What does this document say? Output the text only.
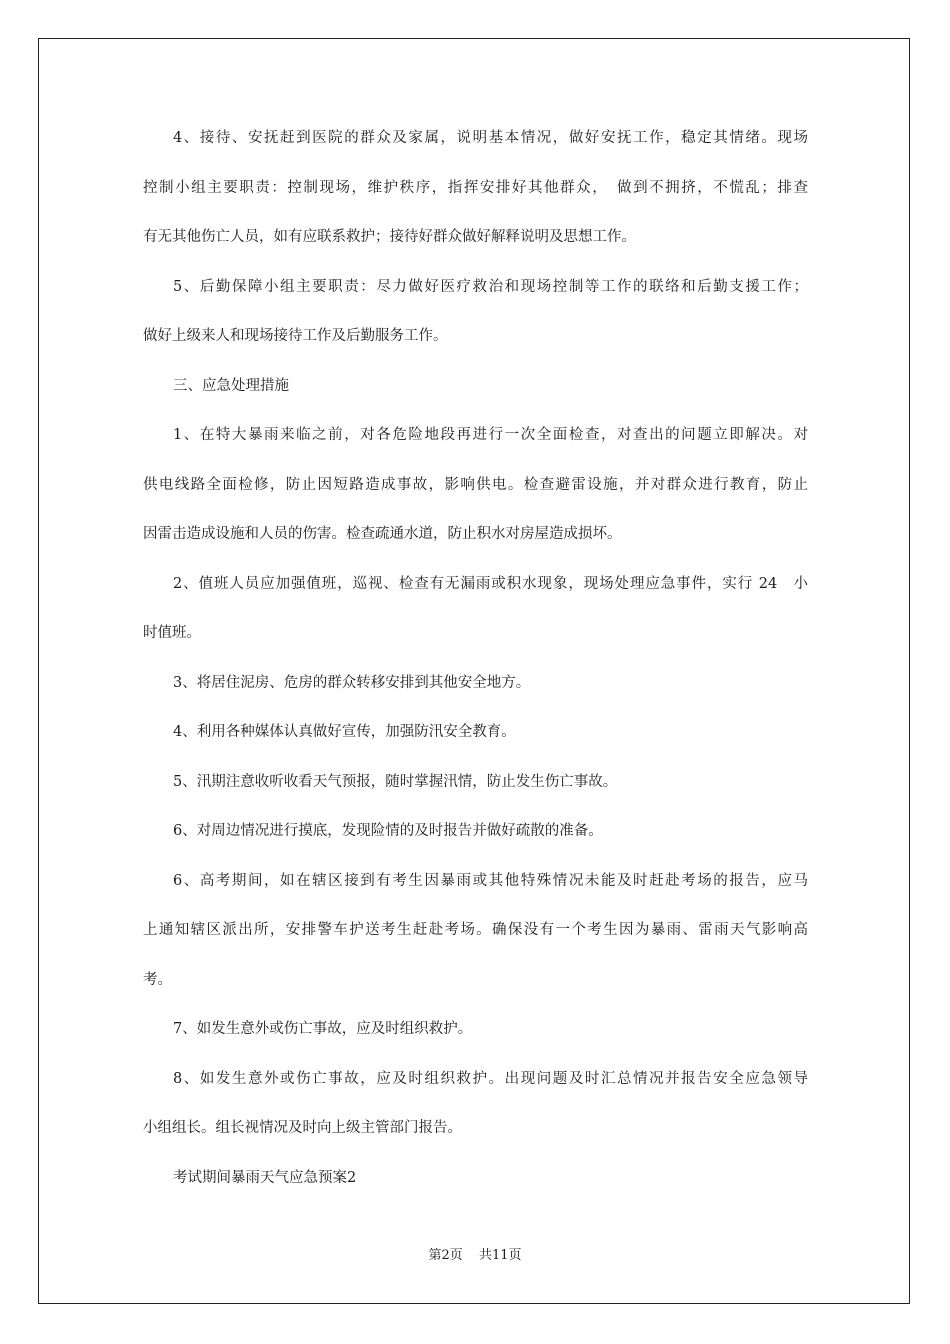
4、接待、安抚赶到医院的群众及家属，说明基本情况，做好安抚工作，稳定其情绪。现场
控制小组主要职责：控制现场，维护秩序，指挥安排好其他群众，　做到不拥挤，不慌乱；排查
有无其他伤亡人员，如有应联系救护；接待好群众做好解释说明及思想工作。
5、后勤保障小组主要职责：尽力做好医疗救治和现场控制等工作的联络和后勤支援工作；
做好上级来人和现场接待工作及后勤服务工作。
三、应急处理措施
1、在特大暴雨来临之前，对各危险地段再进行一次全面检查，对查出的问题立即解决。对
供电线路全面检修，防止因短路造成事故，影响供电。检查避雷设施，并对群众进行教育，防止
因雷击造成设施和人员的伤害。检查疏通水道，防止积水对房屋造成损坏。
2、值班人员应加强值班，巡视、检查有无漏雨或积水现象，现场处理应急事件，实行 24　小
时值班。
3、将居住泥房、危房的群众转移安排到其他安全地方。
4、利用各种媒体认真做好宣传，加强防汛安全教育。
5、汛期注意收听收看天气预报，随时掌握汛情，防止发生伤亡事故。
6、对周边情况进行摸底，发现险情的及时报告并做好疏散的准备。
6、高考期间，如在辖区接到有考生因暴雨或其他特殊情况未能及时赶赴考场的报告，应马
上通知辖区派出所，安排警车护送考生赶赴考场。确保没有一个考生因为暴雨、雷雨天气影响高
考。
7、如发生意外或伤亡事故，应及时组织救护。
8、如发生意外或伤亡事故，应及时组织救护。出现问题及时汇总情况并报告安全应急领导
小组组长。组长视情况及时向上级主管部门报告。
考试期间暴雨天气应急预案2
第2页 共11页
